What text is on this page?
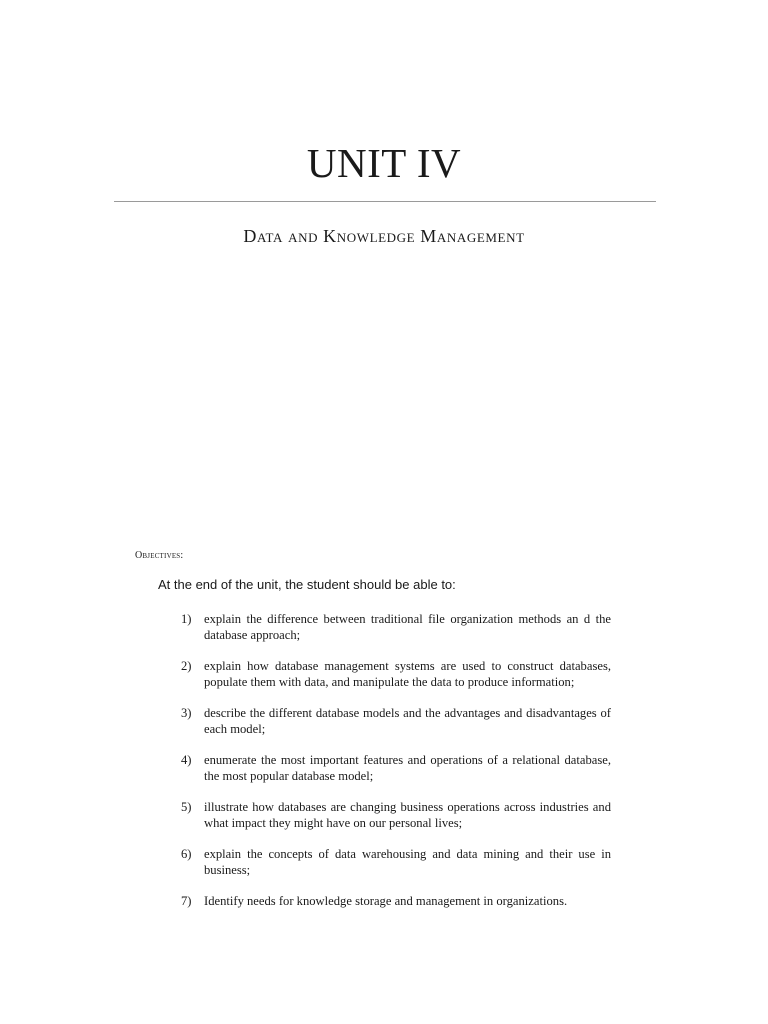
UNIT IV
Data and Knowledge Management
Objectives:
At the end of the unit, the student should be able to:
1) explain the difference between traditional file organization methods an d the database approach;
2) explain how database management systems are used to construct databases, populate them with data, and manipulate the data to produce information;
3) describe the different database models and the advantages and disadvantages of each model;
4) enumerate the most important features and operations of a relational database, the most popular database model;
5) illustrate how databases are changing business operations across industries and what impact they might have on our personal lives;
6) explain the concepts of data warehousing and data mining and their use in business;
7) Identify needs for knowledge storage and management in organizations.
